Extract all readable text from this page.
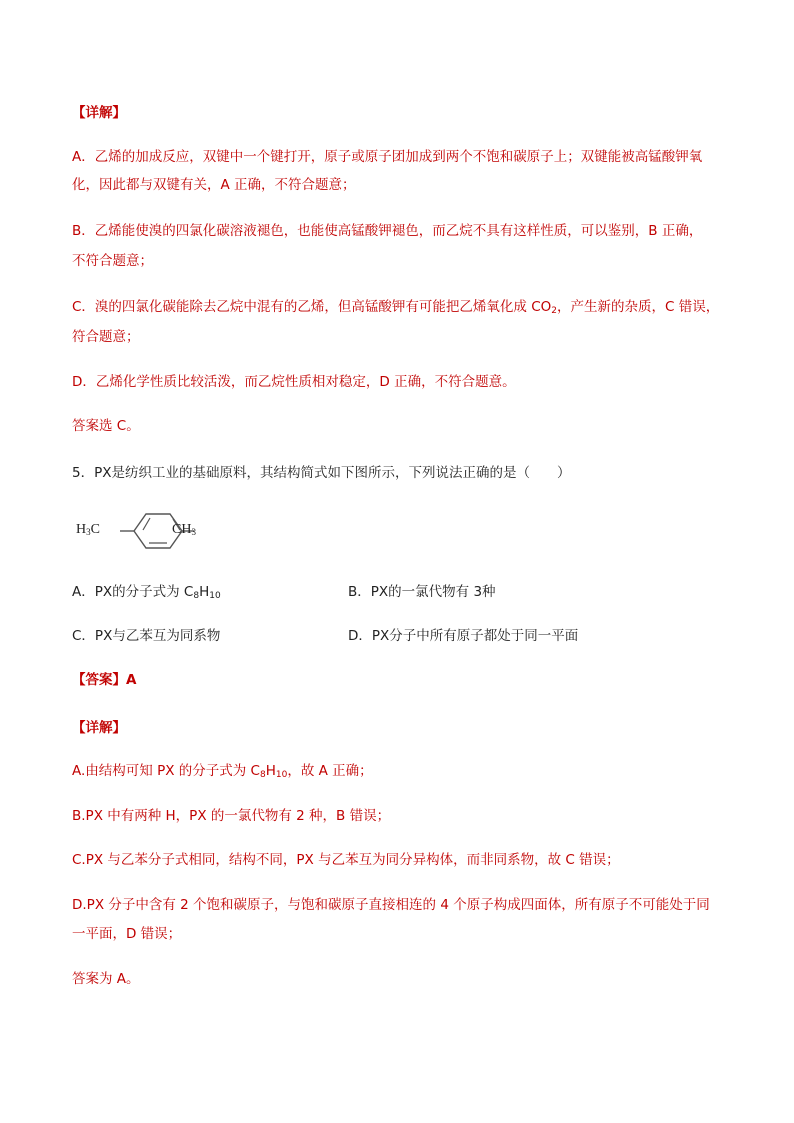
【详解】

A．乙烯的加成反应，双键中一个键打开，原子或原子团加成到两个不饱和碳原子上；双键能被高锰酸钾氧

化，因此都与双键有关，A 正确，不符合题意；

B．乙烯能使溴的四氯化碳溶液褪色，也能使高锰酸钾褪色，而乙烷不具有这样性质，可以鉴别，B 正确，

不符合题意；

C．溴的四氯化碳能除去乙烷中混有的乙烯，但高锰酸钾有可能把乙烯氧化成 $CO_2$，产生新的杂质，C 错误，

符合题意；

D．乙烯化学性质比较活泼，而乙烷性质相对稳定，D 正确，不符合题意。

答案选 C。

5．PX是纺织工业的基础原料，其结构简式如下图所示，下列说法正确的是（　　）

$H_3C$	$CH_3$

A．PX的分子式为 $C_8H_{10}$	B．PX的一氯代物有 3种

C．PX与乙苯互为同系物	D．PX分子中所有原子都处于同一平面

【答案】A

【详解】

A.由结构可知 PX 的分子式为 $C_8H_{10}$，故 A 正确；

B.PX 中有两种 H，PX 的一氯代物有 2 种，B 错误；

C.PX 与乙苯分子式相同，结构不同，PX 与乙苯互为同分异构体，而非同系物，故 C 错误；

D.PX 分子中含有 2 个饱和碳原子，与饱和碳原子直接相连的 4 个原子构成四面体，所有原子不可能处于同

一平面，D 错误；

答案为 A。
